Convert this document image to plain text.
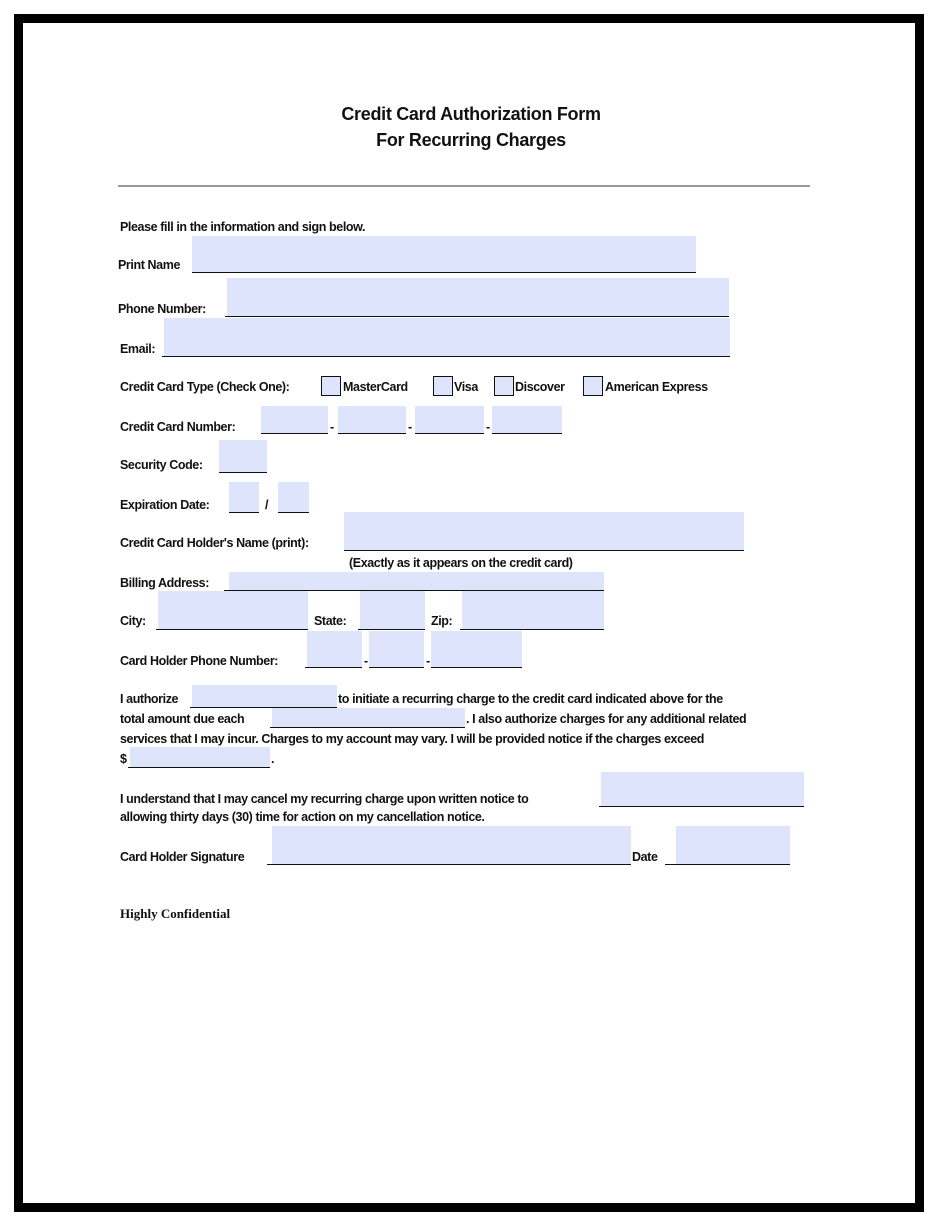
Credit Card Authorization Form
For Recurring Charges
Please fill in the information and sign below.
Print Name
Phone Number:
Email:
Credit Card Type (Check One):	MasterCard	Visa	Discover	American Express
Credit Card Number:	-	-	-
Security Code:
Expiration Date:	/
Credit Card Holder's Name (print):
(Exactly as it appears on the credit card)
Billing Address:
City:	State:	Zip:
Card Holder Phone Number:	-	-
I authorize	to initiate a recurring charge to the credit card indicated above for the
total amount due each	. I also authorize charges for any additional related
services that I may incur. Charges to my account may vary. I will be provided notice if the charges exceed
$	.
I understand that I may cancel my recurring charge upon written notice to
allowing thirty days (30) time for action on my cancellation notice.
Card Holder Signature	Date
Highly Confidential
